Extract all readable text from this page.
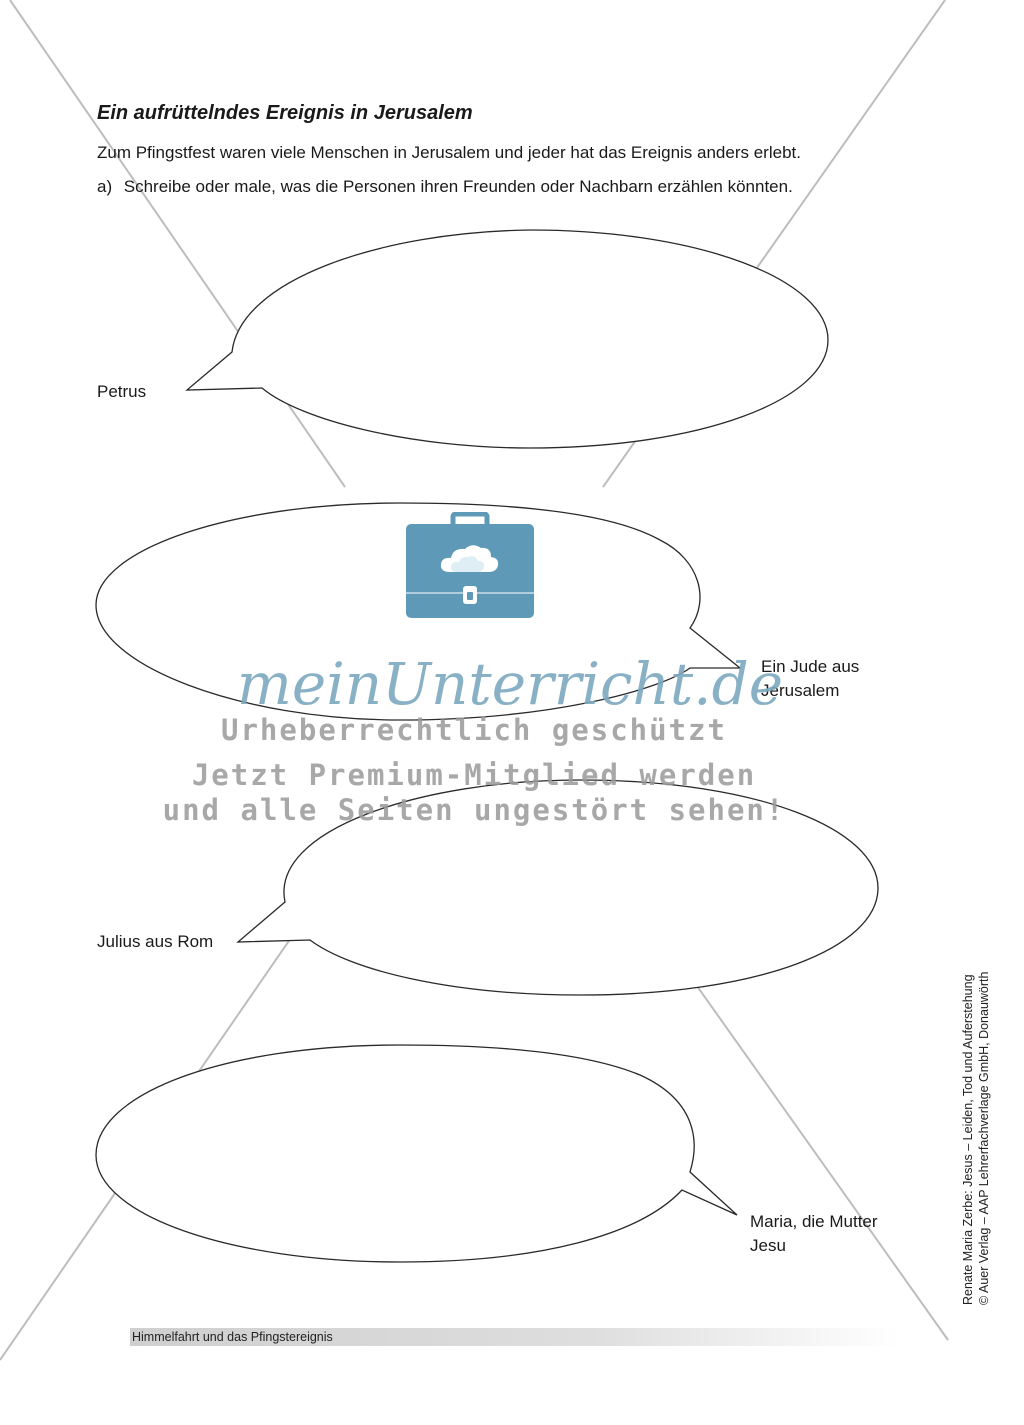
Ein aufrüttelndes Ereignis in Jerusalem
Zum Pfingstfest waren viele Menschen in Jerusalem und jeder hat das Ereignis anders erlebt.
a) Schreibe oder male, was die Personen ihren Freunden oder Nachbarn erzählen könnten.
Petrus
Ein Jude aus
Jerusalem
Julius aus Rom
Maria, die Mutter
Jesu
meinUnterricht.de
Urheberrechtlich geschützt
Jetzt Premium-Mitglied werden
und alle Seiten ungestört sehen!
Renate Maria Zerbe: Jesus – Leiden, Tod und Auferstehung © Auer Verlag – AAP Lehrerfachverlage GmbH, Donauwörth
Himmelfahrt und das Pfingstereignis
